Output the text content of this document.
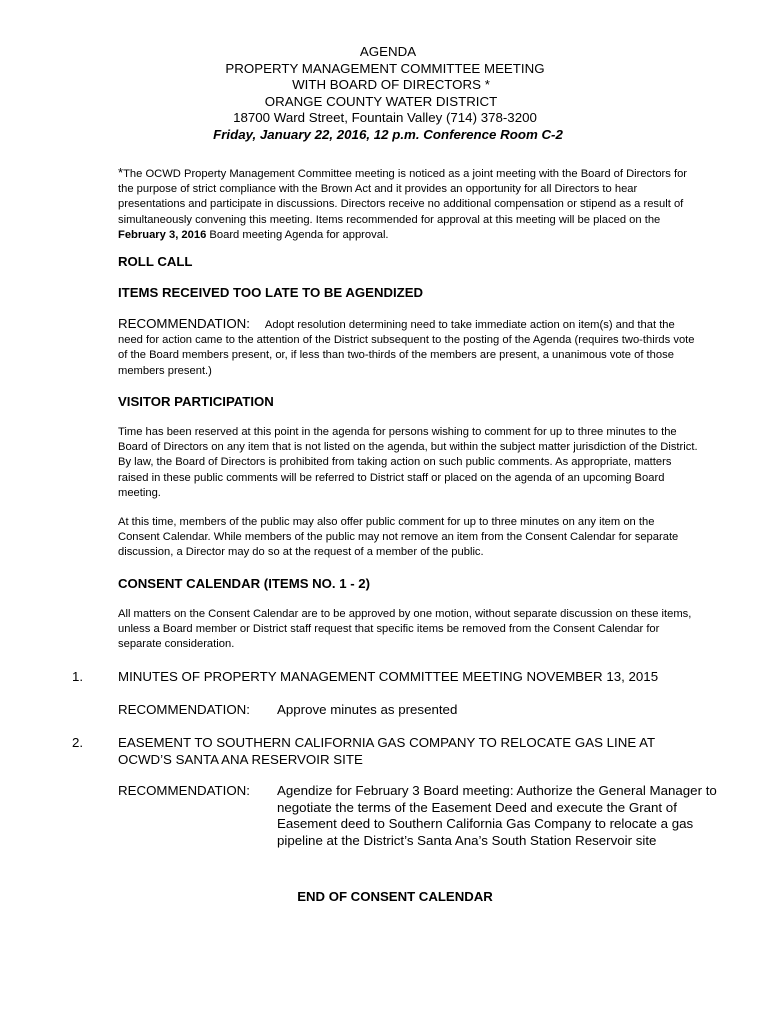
AGENDA
PROPERTY MANAGEMENT COMMITTEE MEETING
WITH BOARD OF DIRECTORS *
ORANGE COUNTY WATER DISTRICT
18700 Ward Street, Fountain Valley (714) 378-3200
Friday, January 22, 2016, 12 p.m. Conference Room C-2
*The OCWD Property Management Committee meeting is noticed as a joint meeting with the Board of Directors for the purpose of strict compliance with the Brown Act and it provides an opportunity for all Directors to hear presentations and participate in discussions. Directors receive no additional compensation or stipend as a result of simultaneously convening this meeting. Items recommended for approval at this meeting will be placed on the February 3, 2016 Board meeting Agenda for approval.
ROLL CALL
ITEMS RECEIVED TOO LATE TO BE AGENDIZED
RECOMMENDATION: Adopt resolution determining need to take immediate action on item(s) and that the need for action came to the attention of the District subsequent to the posting of the Agenda (requires two-thirds vote of the Board members present, or, if less than two-thirds of the members are present, a unanimous vote of those members present.)
VISITOR PARTICIPATION
Time has been reserved at this point in the agenda for persons wishing to comment for up to three minutes to the Board of Directors on any item that is not listed on the agenda, but within the subject matter jurisdiction of the District. By law, the Board of Directors is prohibited from taking action on such public comments. As appropriate, matters raised in these public comments will be referred to District staff or placed on the agenda of an upcoming Board meeting.
At this time, members of the public may also offer public comment for up to three minutes on any item on the Consent Calendar. While members of the public may not remove an item from the Consent Calendar for separate discussion, a Director may do so at the request of a member of the public.
CONSENT CALENDAR (ITEMS NO. 1 - 2)
All matters on the Consent Calendar are to be approved by one motion, without separate discussion on these items, unless a Board member or District staff request that specific items be removed from the Consent Calendar for separate consideration.
1.	MINUTES OF PROPERTY MANAGEMENT COMMITTEE MEETING NOVEMBER 13, 2015
RECOMMENDATION: Approve minutes as presented
2.	EASEMENT TO SOUTHERN CALIFORNIA GAS COMPANY TO RELOCATE GAS LINE AT OCWD’S SANTA ANA RESERVOIR SITE
RECOMMENDATION: Agendize for February 3 Board meeting: Authorize the General Manager to negotiate the terms of the Easement Deed and execute the Grant of Easement deed to Southern California Gas Company to relocate a gas pipeline at the District’s Santa Ana’s South Station Reservoir site
END OF CONSENT CALENDAR
